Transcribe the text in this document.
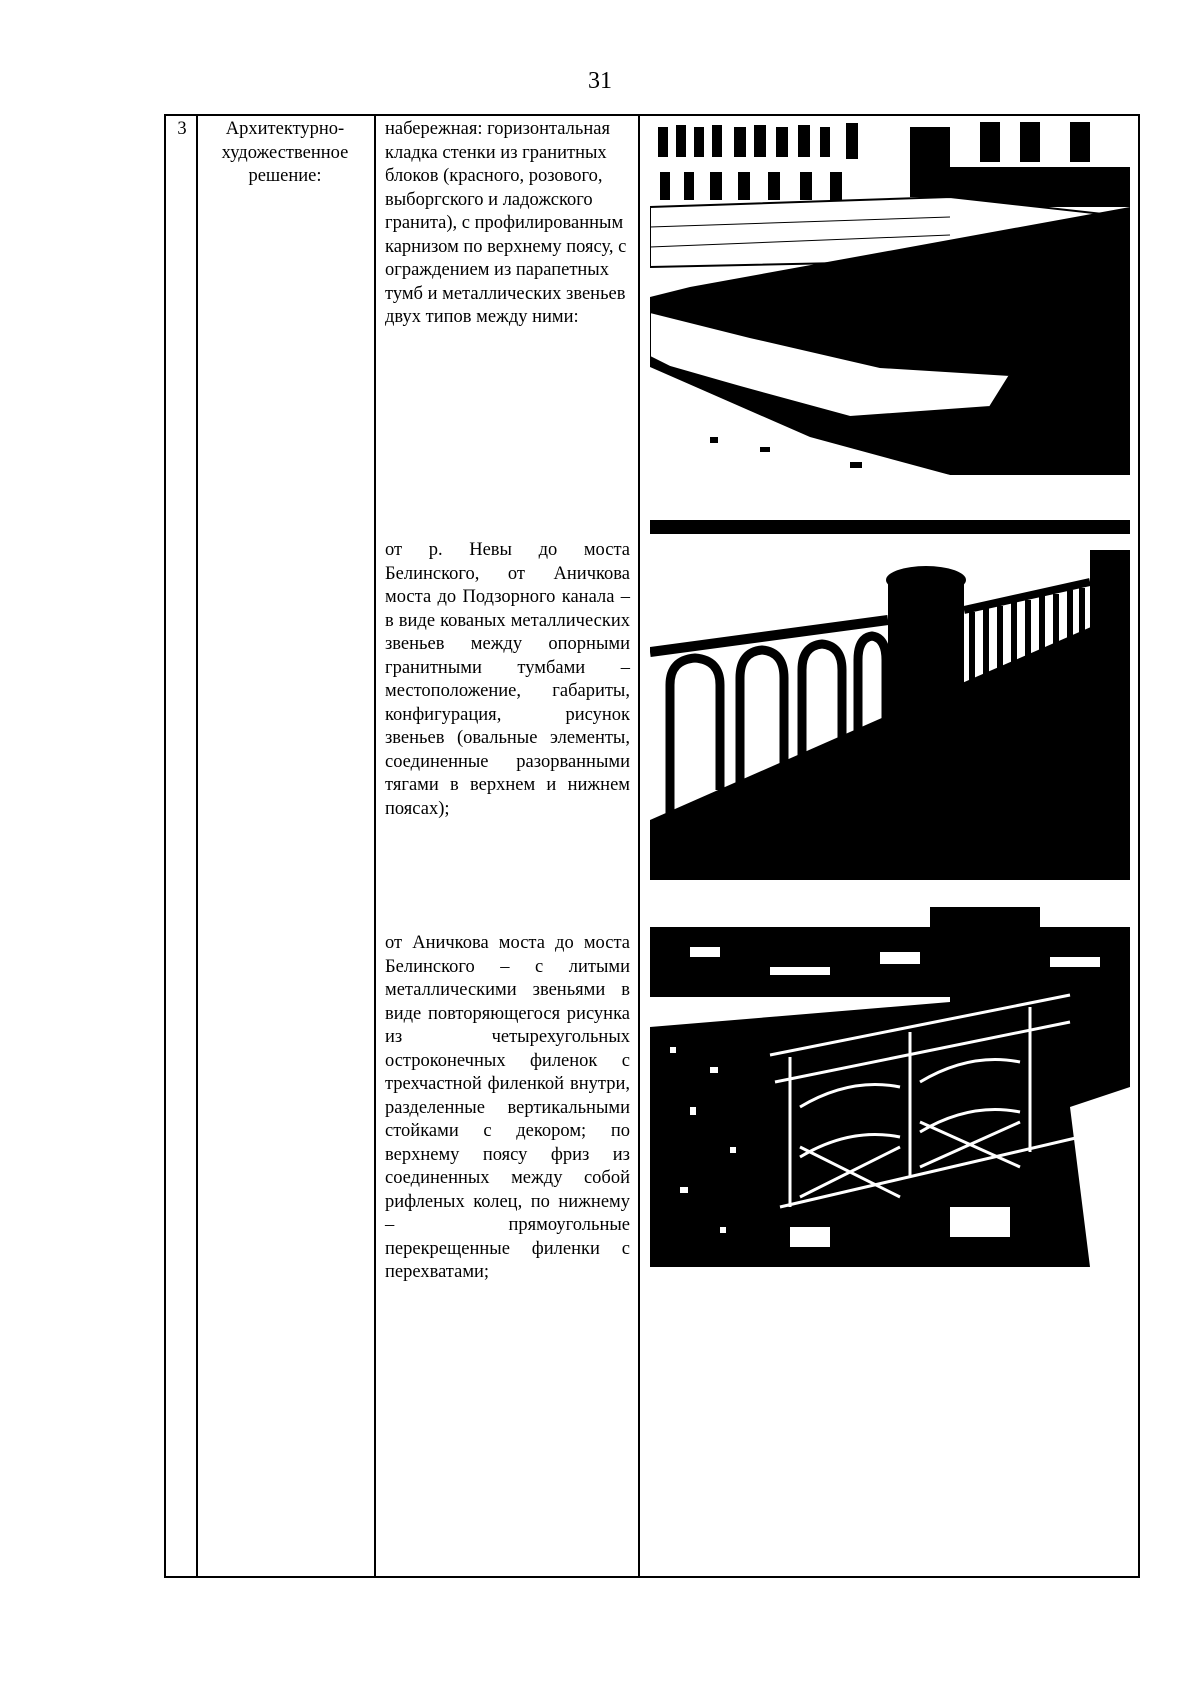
31
3	Архитектурно-художественное решение:
набережная: горизонтальная кладка стенки из гранитных блоков (красного, розового, выборгского и ладожского гранита), с профилированным карнизом по верхнему поясу, с ограждением из парапетных тумб и металлических звеньев двух типов между ними:
от р. Невы до моста Белинского, от Аничкова моста до Подзорного канала – в виде кованых металлических звеньев между опорными гранитными тумбами – местоположение, габариты, конфигурация, рисунок звеньев (овальные элементы, соединенные разорванными тягами в верхнем и нижнем поясах);
от Аничкова моста до моста Белинского – с литыми металлическими звеньями в виде повторяющегося рисунка из четырехугольных остроконечных филенок с трехчастной филенкой внутри, разделенные вертикальными стойками с декором; по верхнему поясу фриз из соединенных между собой рифленых колец, по нижнему – прямоугольные перекрещенные филенки с перехватами;
